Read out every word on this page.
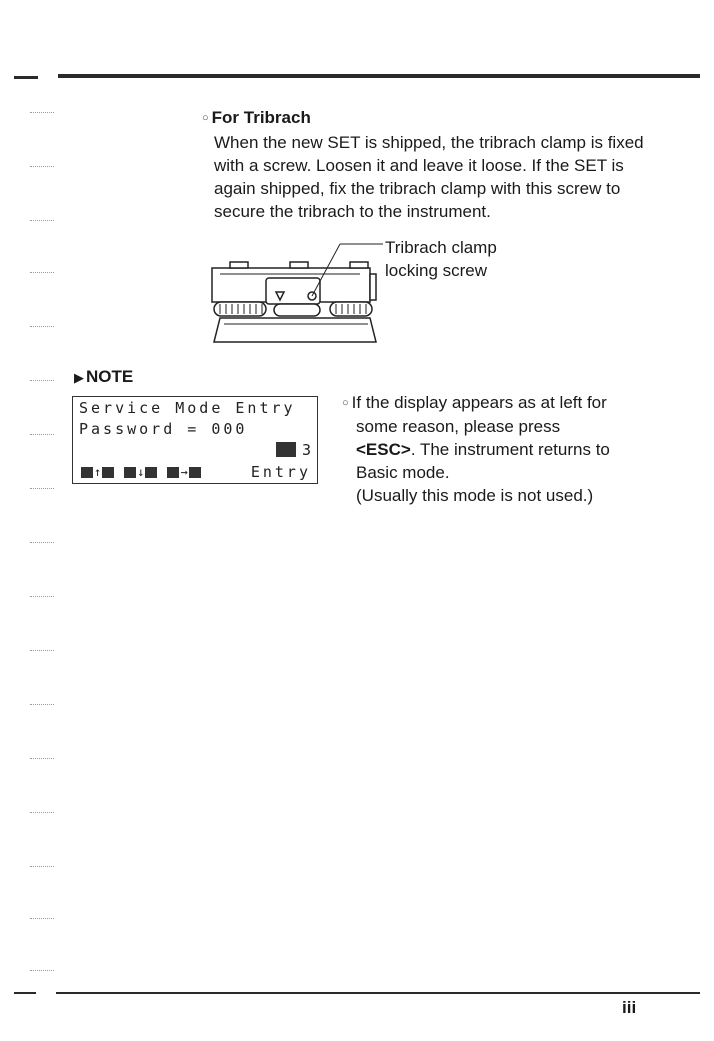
○ For Tribrach

When the new SET is shipped, the tribrach clamp is fixed with a screw. Loosen it and leave it loose. If the SET is again shipped, fix the tribrach clamp with this screw to secure the tribrach to the instrument.

Tribrach clamp
locking screw
▶ NOTE
Service Mode Entry
Password = 000
3
↑	↓	→	Entry
○ If the display appears as at left for
some reason, please press
<ESC>. The instrument returns to
Basic mode.
(Usually this mode is not used.)
iii
